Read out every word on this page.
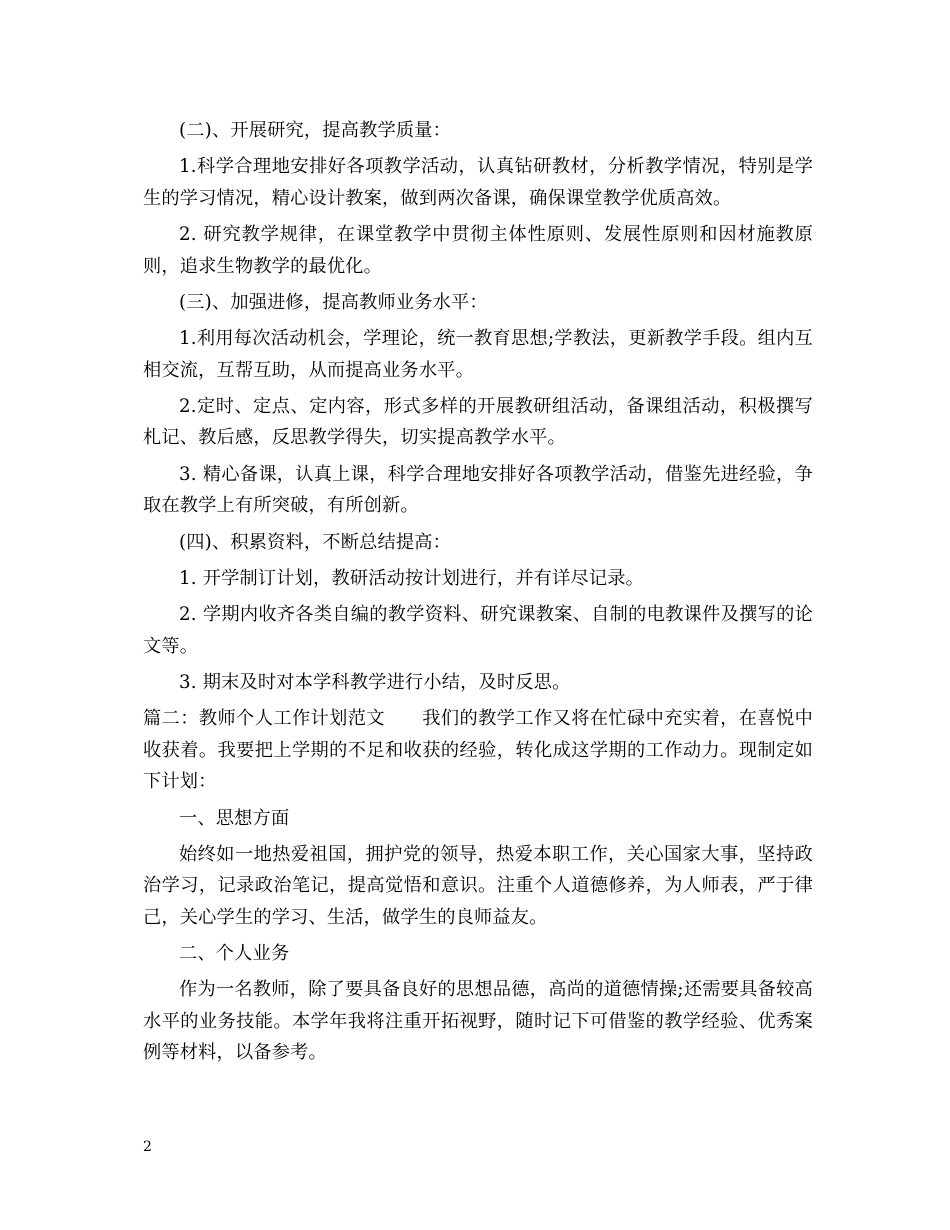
(二)、开展研究，提高教学质量：

1.科学合理地安排好各项教学活动，认真钻研教材，分析教学情况，特别是学生的学习情况，精心设计教案，做到两次备课，确保课堂教学优质高效。

2. 研究教学规律，在课堂教学中贯彻主体性原则、发展性原则和因材施教原则，追求生物教学的最优化。

(三)、加强进修，提高教师业务水平：

1.利用每次活动机会，学理论，统一教育思想;学教法，更新教学手段。组内互相交流，互帮互助，从而提高业务水平。

2.定时、定点、定内容，形式多样的开展教研组活动，备课组活动，积极撰写札记、教后感，反思教学得失，切实提高教学水平。

3. 精心备课，认真上课，科学合理地安排好各项教学活动，借鉴先进经验，争取在教学上有所突破，有所创新。

(四)、积累资料，不断总结提高：

1. 开学制订计划，教研活动按计划进行，并有详尽记录。

2. 学期内收齐各类自编的教学资料、研究课教案、自制的电教课件及撰写的论文等。

3. 期末及时对本学科教学进行小结，及时反思。

篇二：教师个人工作计划范文　　我们的教学工作又将在忙碌中充实着，在喜悦中收获着。我要把上学期的不足和收获的经验，转化成这学期的工作动力。现制定如下计划：

一、思想方面

始终如一地热爱祖国，拥护党的领导，热爱本职工作，关心国家大事，坚持政治学习，记录政治笔记，提高觉悟和意识。注重个人道德修养，为人师表，严于律己，关心学生的学习、生活，做学生的良师益友。

二、个人业务

作为一名教师，除了要具备良好的思想品德，高尚的道德情操;还需要具备较高水平的业务技能。本学年我将注重开拓视野，随时记下可借鉴的教学经验、优秀案例等材料，以备参考。

2
